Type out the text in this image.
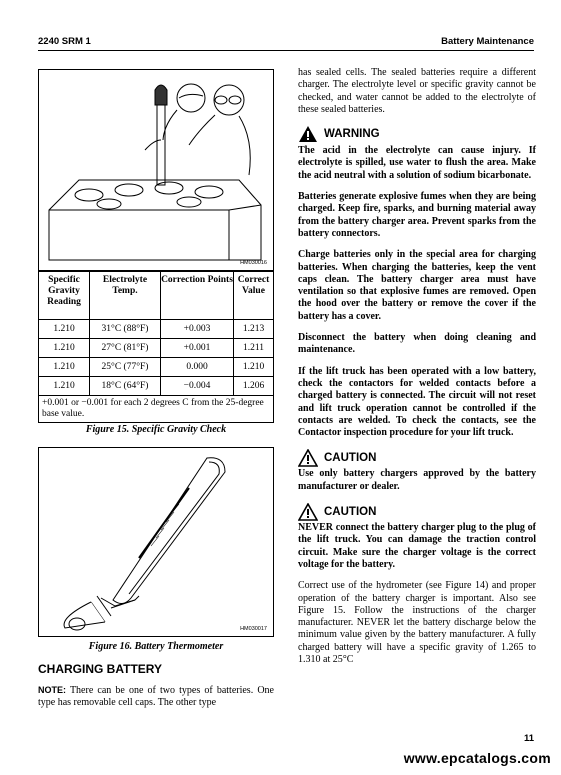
2240 SRM 1	Battery Maintenance
HM030016
Specific Gravity Reading	Electrolyte Temp.	Correction Points	Correct Value
1.210	31°C (88°F)	+0.003	1.213
1.210	27°C (81°F)	+0.001	1.211
1.210	25°C (77°F)	0.000	1.210
1.210	18°C (64°F)	−0.004	1.206
+0.001 or −0.001 for each 2 degrees C from the 25-degree base value.			
Figure 15. Specific Gravity Check
HM030017
Figure 16. Battery Thermometer
CHARGING BATTERY
NOTE: There can be one of two types of batteries. One type has removable cell caps. The other type

has sealed cells. The sealed batteries require a different charger. The electrolyte level or specific gravity cannot be checked, and water cannot be added to the electrolyte of these sealed batteries.

WARNING

The acid in the electrolyte can cause injury. If electrolyte is spilled, use water to flush the area. Make the acid neutral with a solution of sodium bicarbonate.

Batteries generate explosive fumes when they are being charged. Keep fire, sparks, and burning material away from the battery charger area. Prevent sparks from the battery connectors.

Charge batteries only in the special area for charging batteries. When charging the batteries, keep the vent caps clean. The battery charger area must have ventilation so that explosive fumes are removed. Open the hood over the battery or remove the cover if the battery has a cover.

Disconnect the battery when doing cleaning and maintenance.

If the lift truck has been operated with a low battery, check the contactors for welded contacts before a charged battery is connected. The circuit will not reset and lift truck operation cannot be controlled if the contacts are welded. To check the contacts, see the Contactor inspection procedure for your lift truck.

CAUTION

Use only battery chargers approved by the battery manufacturer or dealer.

CAUTION

NEVER connect the battery charger plug to the plug of the lift truck. You can damage the traction control circuit. Make sure the charger voltage is the correct voltage for the battery.

Correct use of the hydrometer (see Figure 14) and proper operation of the battery charger is important. Also see Figure 15. Follow the instructions of the charger manufacturer. NEVER let the battery discharge below the minimum value given by the battery manufacturer. A fully charged battery will have a specific gravity of 1.265 to 1.310 at 25°C

11
www.epcatalogs.com
